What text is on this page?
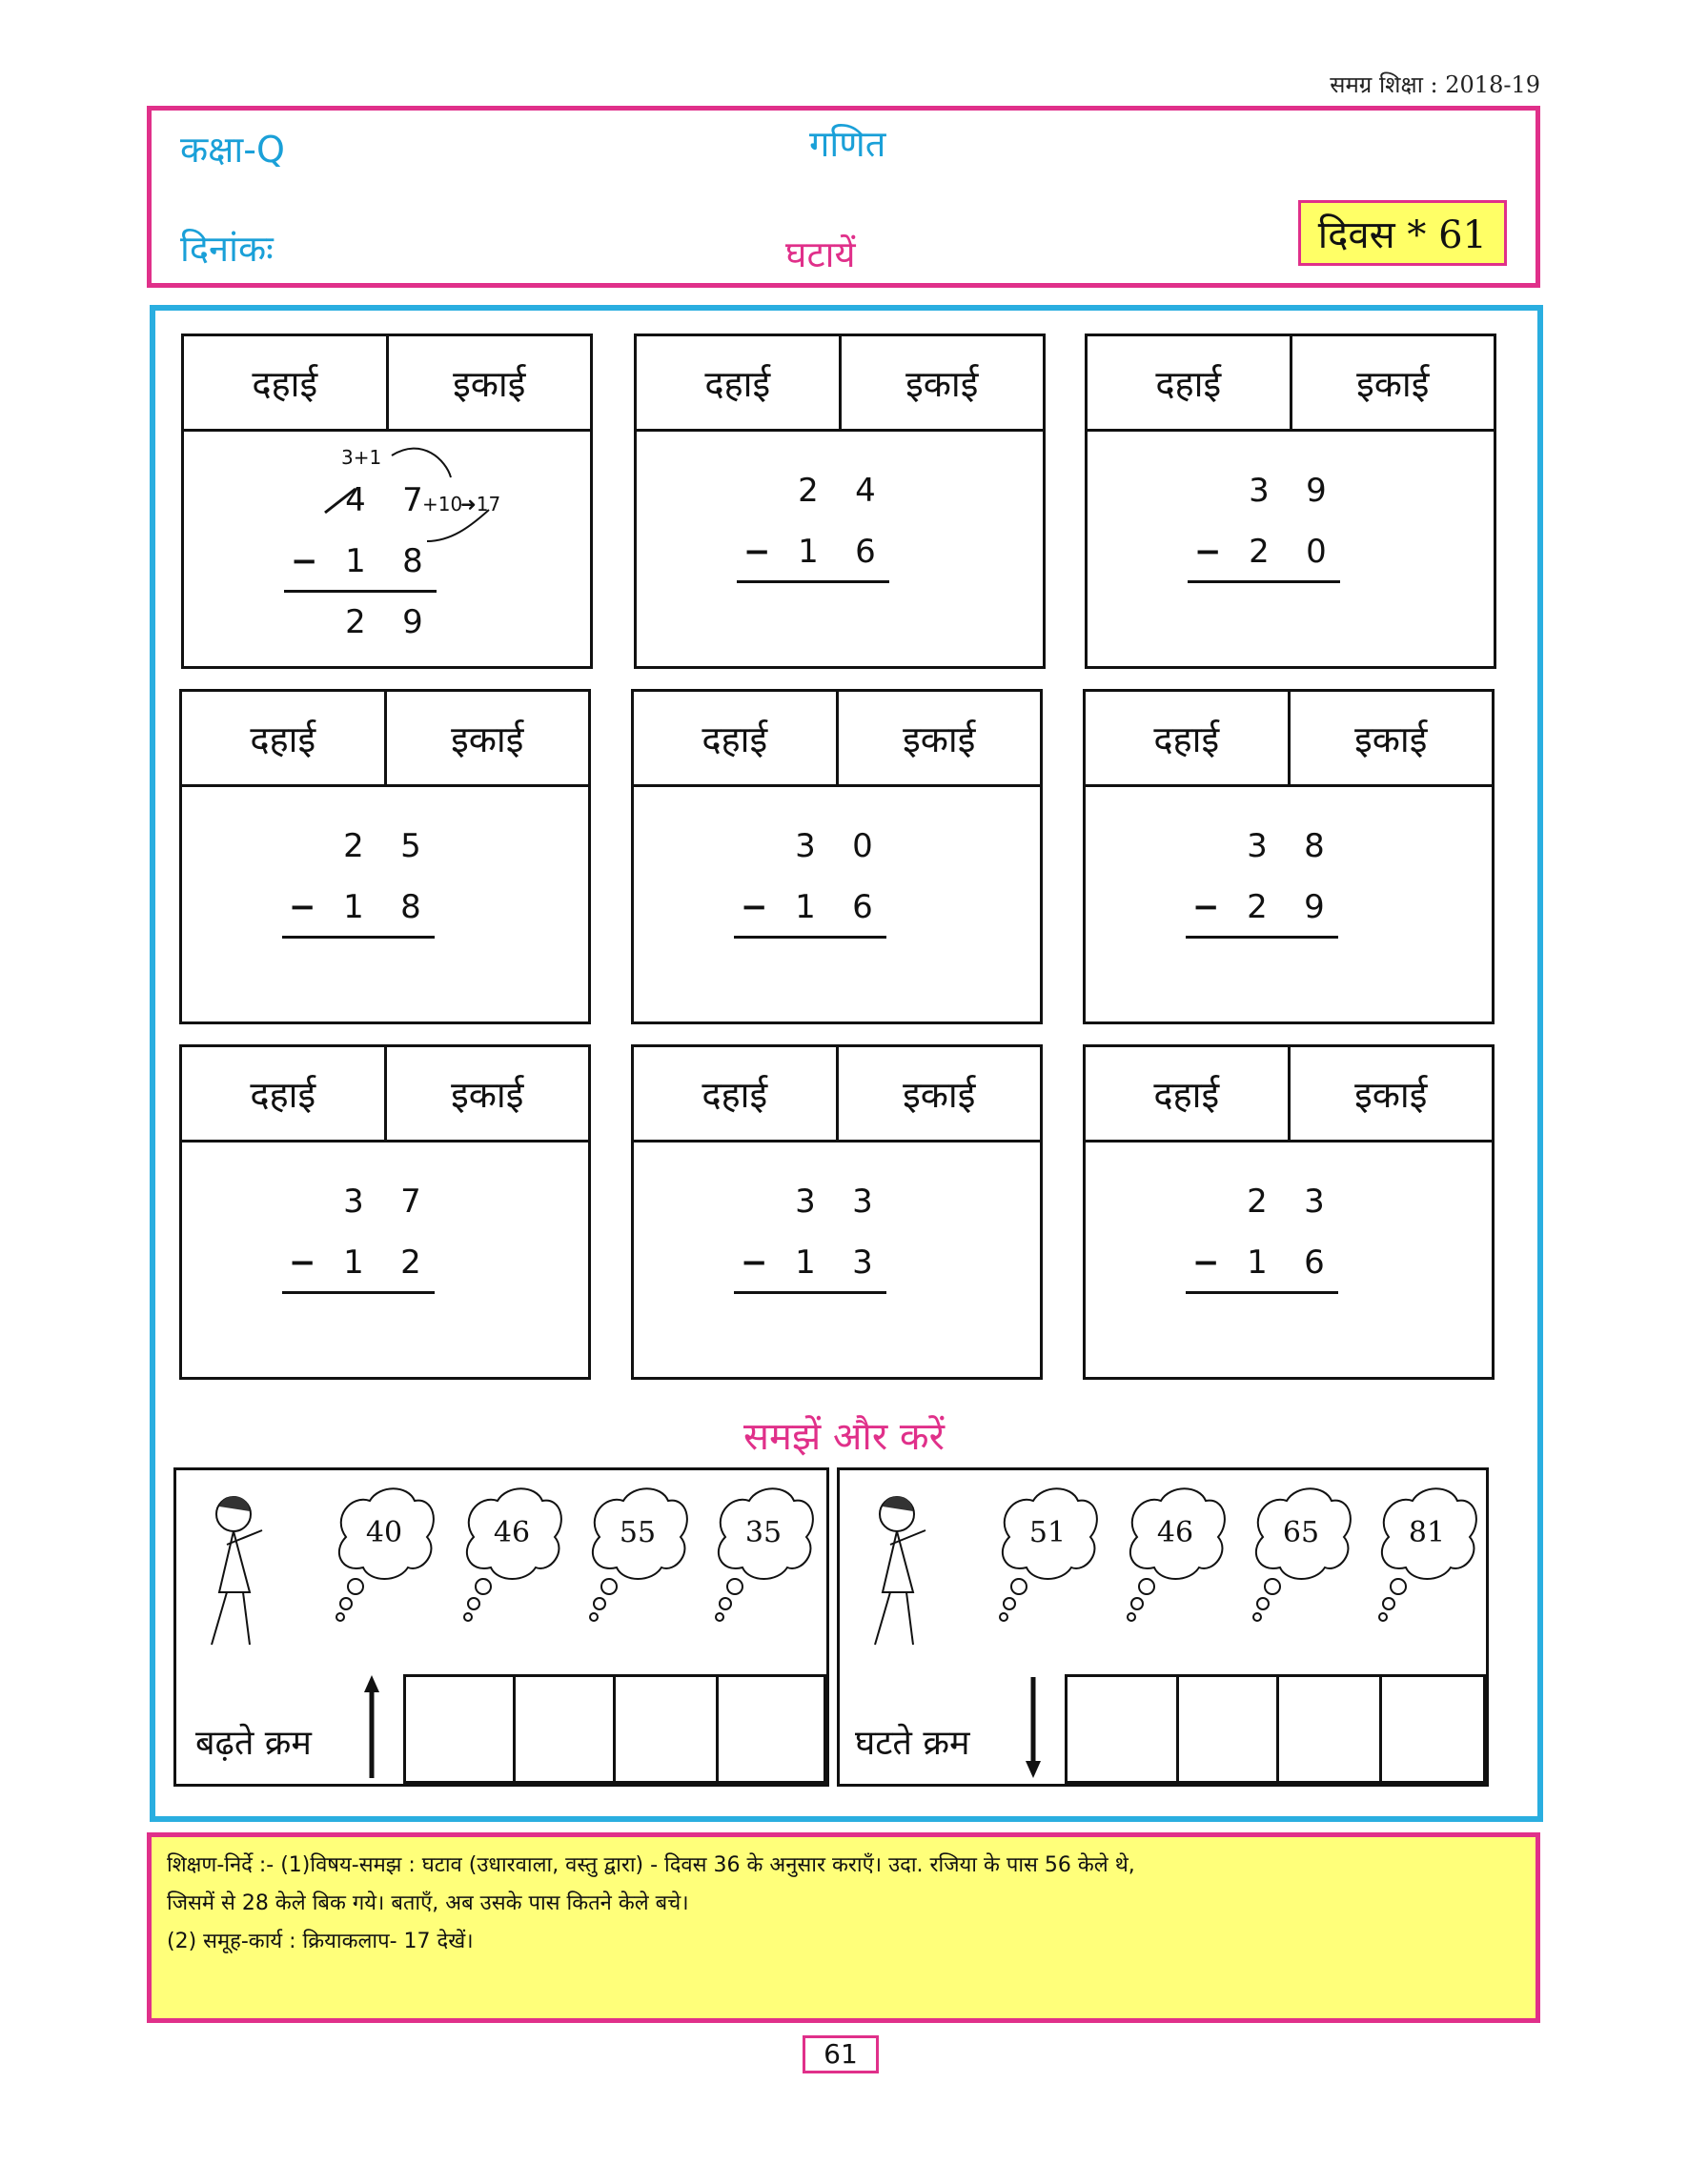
समग्र शिक्षा : 2018-19
कक्षा-Q	गणित
दिनांकः	घटायें	दिवस * 61
दहाई	इकाई
3+1
4 7 +10
➜17
− 1 8
2 9
दहाई	इकाई
2 4
− 1 6
दहाई	इकाई
3 9
− 2 0
दहाई	इकाई
2 5
− 1 8
दहाई	इकाई
3 0
− 1 6
दहाई	इकाई
3 8
− 2 9
दहाई	इकाई
3 7
− 1 2
दहाई	इकाई
3 3
− 1 3
दहाई	इकाई
2 3
− 1 6
समझें और करें
40	46	55	35
बढ़ते क्रम
51	46	65	81
घटते क्रम
शिक्षण-निर्दे :- (1)विषय-समझ : घटाव (उधारवाला, वस्तु द्वारा) - दिवस 36 के अनुसार कराएँ। उदा. रजिया के पास 56 केले थे,
जिसमें से 28 केले बिक गये। बताएँ, अब उसके पास कितने केले बचे।
(2) समूह-कार्य : क्रियाकलाप- 17 देखें।
61
